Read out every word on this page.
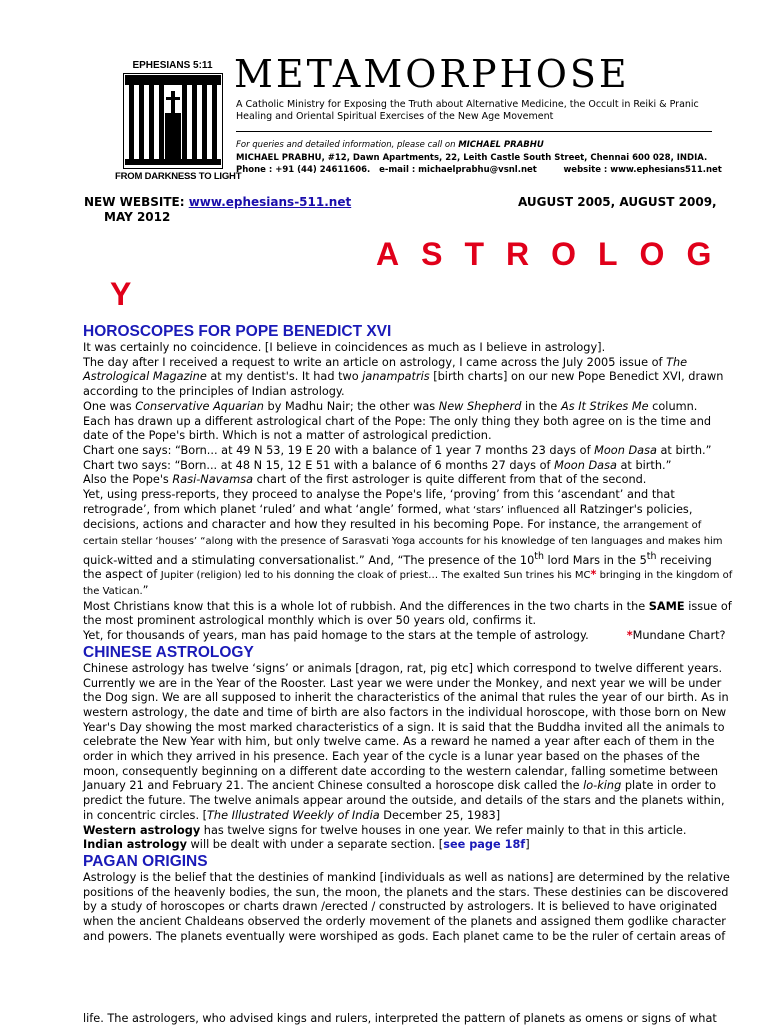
EPHESIANS 5:11
FROM DARKNESS TO LIGHT
METAMORPHOSE
A Catholic Ministry for Exposing the Truth about Alternative Medicine, the Occult in Reiki & Pranic Healing and Oriental Spiritual Exercises of the New Age Movement
For queries and detailed information, please call on MICHAEL PRABHU
MICHAEL PRABHU, #12, Dawn Apartments, 22, Leith Castle South Street, Chennai 600 028, INDIA.
Phone : +91 (44) 24611606.   e-mail : michaelprabhu@vsnl.net         website : www.ephesians511.net
NEW WEBSITE: www.ephesians-511.net	AUGUST 2005, AUGUST 2009,
MAY 2012
ASTROLOG
Y
HOROSCOPES FOR POPE BENEDICT XVI

It was certainly no coincidence. [I believe in coincidences as much as I believe in astrology].

The day after I received a request to write an article on astrology, I came across the July 2005 issue of The Astrological Magazine at my dentist's. It had two janampatris [birth charts] on our new Pope Benedict XVI, drawn according to the principles of Indian astrology.

One was Conservative Aquarian by Madhu Nair; the other was New Shepherd in the As It Strikes Me column.

Each has drawn up a different astrological chart of the Pope: The only thing they both agree on is the time and date of the Pope's birth. Which is not a matter of astrological prediction.

Chart one says: “Born... at 49 N 53, 19 E 20 with a balance of 1 year 7 months 23 days of Moon Dasa at birth.”

Chart two says: “Born... at 48 N 15, 12 E 51 with a balance of 6 months 27 days of Moon Dasa at birth.”

Also the Pope's Rasi-Navamsa chart of the first astrologer is quite different from that of the second.

Yet, using press-reports, they proceed to analyse the Pope's life, ‘proving’ from this ‘ascendant’ and that retrograde’, from which planet ‘ruled’ and what ‘angle’ formed, what ‘stars’ influenced all Ratzinger's policies, decisions, actions and character and how they resulted in his becoming Pope. For instance, the arrangement of certain stellar ‘houses’ “along with the presence of Sarasvati Yoga accounts for his knowledge of ten languages and makes him quick-witted and a stimulating conversationalist.” And, “The presence of the 10th lord Mars in the 5th receiving the aspect of Jupiter (religion) led to his donning the cloak of priest… The exalted Sun trines his MC* bringing in the kingdom of the Vatican.”

Most Christians know that this is a whole lot of rubbish. And the differences in the two charts in the SAME issue of the most prominent astrological monthly which is over 50 years old, confirms it.

Yet, for thousands of years, man has paid homage to the stars at the temple of astrology.	*Mundane Chart?

CHINESE ASTROLOGY

Chinese astrology has twelve ‘signs’ or animals [dragon, rat, pig etc] which correspond to twelve different years. Currently we are in the Year of the Rooster. Last year we were under the Monkey, and next year we will be under the Dog sign. We are all supposed to inherit the characteristics of the animal that rules the year of our birth. As in western astrology, the date and time of birth are also factors in the individual horoscope, with those born on New Year's Day showing the most marked characteristics of a sign. It is said that the Buddha invited all the animals to celebrate the New Year with him, but only twelve came. As a reward he named a year after each of them in the order in which they arrived in his presence. Each year of the cycle is a lunar year based on the phases of the moon, consequently beginning on a different date according to the western calendar, falling sometime between January 21 and February 21. The ancient Chinese consulted a horoscope disk called the lo-king plate in order to predict the future. The twelve animals appear around the outside, and details of the stars and the planets within, in concentric circles. [The Illustrated Weekly of India December 25, 1983]

Western astrology has twelve signs for twelve houses in one year. We refer mainly to that in this article.

Indian astrology will be dealt with under a separate section. [see page 18f]

PAGAN ORIGINS

Astrology is the belief that the destinies of mankind [individuals as well as nations] are determined by the relative positions of the heavenly bodies, the sun, the moon, the planets and the stars. These destinies can be discovered by a study of horoscopes or charts drawn /erected / constructed by astrologers. It is believed to have originated when the ancient Chaldeans observed the orderly movement of the planets and assigned them godlike character and powers. The planets eventually were worshiped as gods. Each planet came to be the ruler of certain areas of

life. The astrologers, who advised kings and rulers, interpreted the pattern of planets as omens or signs of what
